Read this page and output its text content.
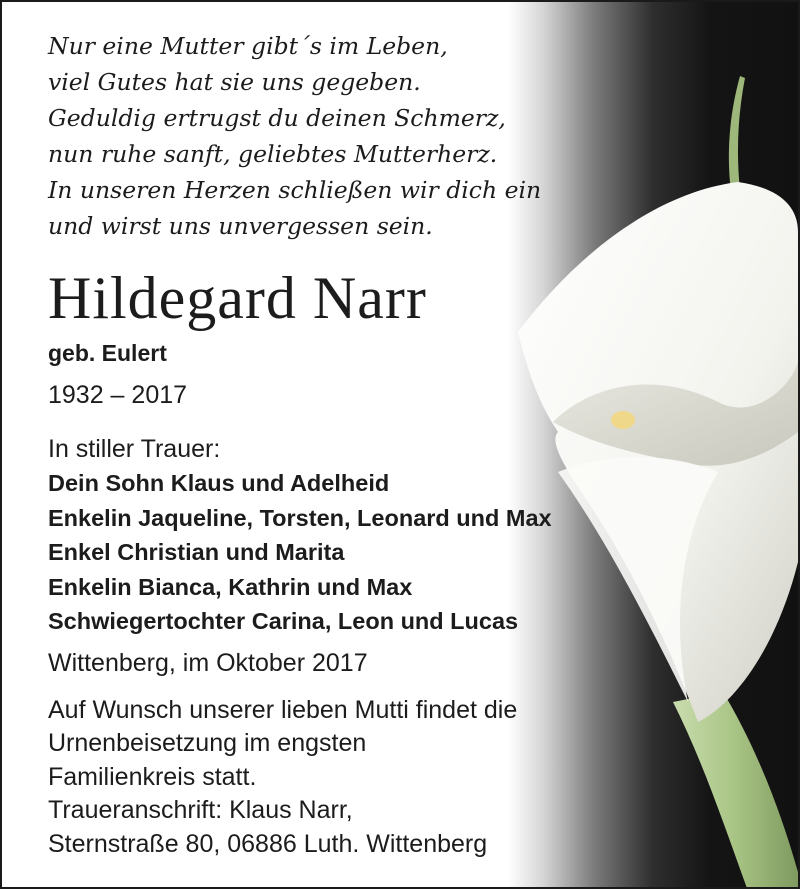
Nur eine Mutter gibt´s im Leben,
viel Gutes hat sie uns gegeben.
Geduldig ertrugst du deinen Schmerz,
nun ruhe sanft, geliebtes Mutterherz.
In unseren Herzen schließen wir dich ein
und wirst uns unvergessen sein.
Hildegard Narr
geb. Eulert
1932 – 2017
In stiller Trauer:
Dein Sohn Klaus und Adelheid
Enkelin Jaqueline, Torsten, Leonard und Max
Enkel Christian und Marita
Enkelin Bianca, Kathrin und Max
Schwiegertochter Carina, Leon und Lucas
Wittenberg, im Oktober 2017
Auf Wunsch unserer lieben Mutti findet die
Urnenbeisetzung im engsten
Familienkreis statt.
Traueranschrift: Klaus Narr,
Sternstraße 80, 06886 Luth. Wittenberg
